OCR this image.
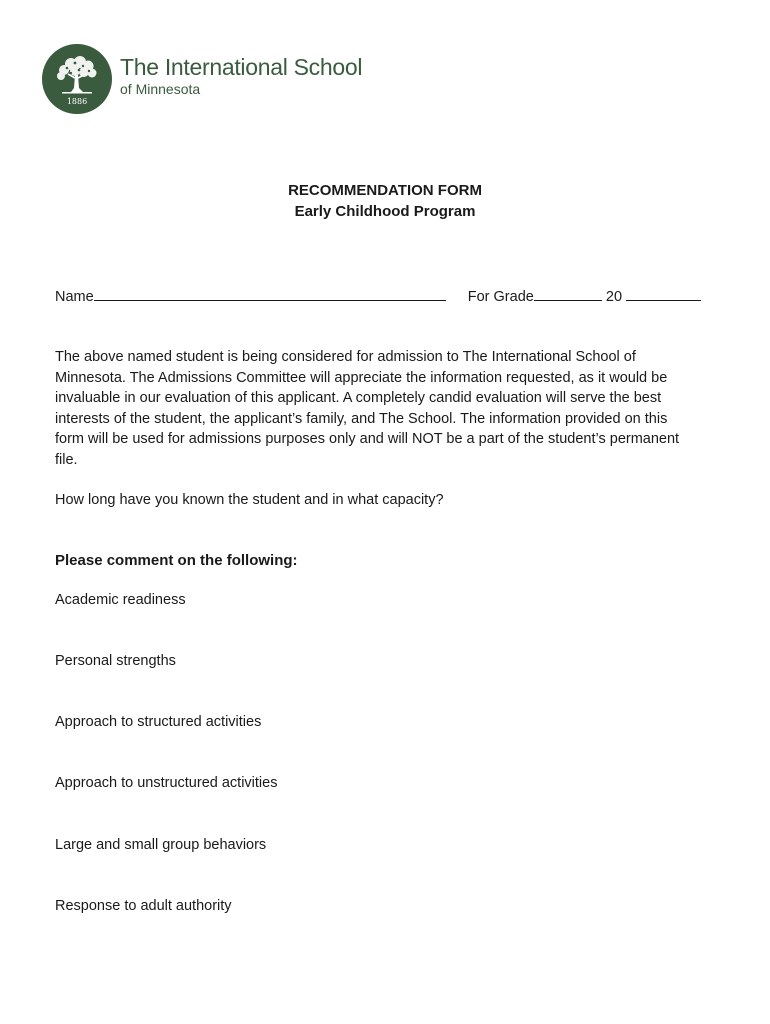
1886
The International School
of Minnesota
RECOMMENDATION FORM
Early Childhood Program
Name	For Grade	20
The above named student is being considered for admission to The International School of
Minnesota. The Admissions Committee will appreciate the information requested, as it would be
invaluable in our evaluation of this applicant. A completely candid evaluation will serve the best
interests of the student, the applicant’s family, and The School. The information provided on this
form will be used for admissions purposes only and will NOT be a part of the student’s permanent
file.
How long have you known the student and in what capacity?
Please comment on the following:
Academic readiness
Personal strengths
Approach to structured activities
Approach to unstructured activities
Large and small group behaviors
Response to adult authority
